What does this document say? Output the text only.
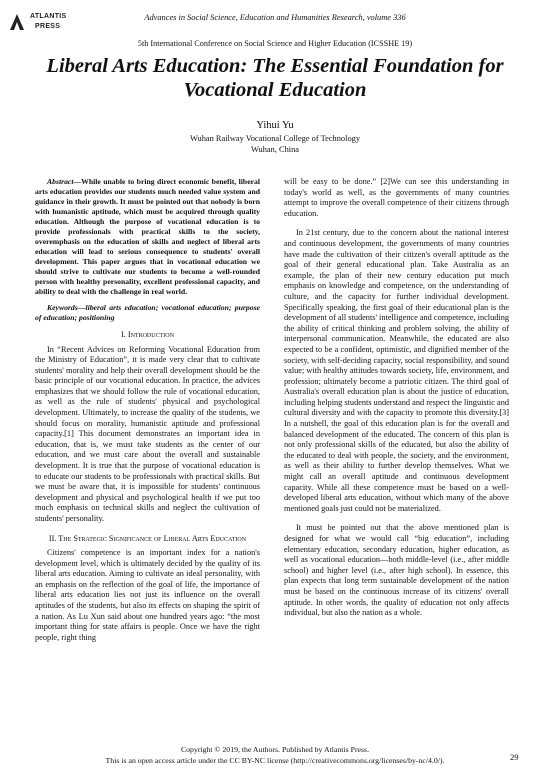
ATLANTIS
PRESS
Advances in Social Science, Education and Humanities Research, volume 336
5th International Conference on Social Science and Higher Education (ICSSHE 19)
Liberal Arts Education: The Essential Foundation for Vocational Education
Yihui Yu
Wuhan Railway Vocational College of Technology
Wuhan, China

Abstract—While unable to bring direct economic benefit, liberal arts education provides our students much needed value system and guidance in their growth. It must be pointed out that nobody is born with humanistic aptitude, which must be acquired through quality education. Although the purpose of vocational education is to provide professionals with practical skills to the society, overemphasis on the education of skills and neglect of liberal arts education will lead to serious consequence to students' overall development. This paper argues that in vocational education we should strive to cultivate our students to become a well-rounded person with healthy personality, excellent professional capacity, and ability to deal with the challenge in real world.

Keywords—liberal arts education; vocational education; purpose of education; positioning

I. Introduction

In “Recent Advices on Reforming Vocational Education from the Ministry of Education”, it is made very clear that to cultivate students' morality and help their overall development should be the basic principle of our vocational education. In practice, the advices emphasizes that we should follow the rule of vocational education, as well as the rule of students' physical and psychological development. Ultimately, to increase the quality of the students, we should focus on morality, humanistic aptitude and professional capacity.[1] This document demonstrates an important idea in education, that is, we must take students as the center of our education, and we must care about the overall and sustainable development. It is true that the purpose of vocational education is to educate our students to be professionals with practical skills. But we must be aware that, it is impossible for students' continuous development and physical and psychological health if we put too much emphasis on technical skills and neglect the cultivation of students' personality.

II. The Strategic Significance of Liberal Arts Education

Citizens' competence is an important index for a nation's development level, which is ultimately decided by the quality of its liberal arts education. Aiming to cultivate an ideal personality, with an emphasis on the reflection of the goal of life, the importance of liberal arts education lies not just its influence on the overall aptitudes of the students, but also its effects on shaping the spirit of a nation. As Lu Xun said about one hundred years ago: “the most important thing for state affairs is people. Once we have the right people, right thing

will be easy to be done.” [2]We can see this understanding in today's world as well, as the governments of many countries attempt to improve the overall competence of their citizens through education.

In 21st century, due to the concern about the national interest and continuous development, the governments of many countries have made the cultivation of their citizen's overall aptitude as the goal of their general educational plan. Take Australia as an example, the plan of their new century education put much emphasis on knowledge and competence, on the understanding of culture, and the capacity for further individual development. Specifically speaking, the first goal of their educational plan is the development of all students' intelligence and competence, including the ability of critical thinking and problem solving, the ability of interpersonal communication. Meanwhile, the educated are also expected to be a confident, optimistic, and dignified member of the society, with self-deciding capacity, social responsibility, and sound value; with healthy attitudes towards society, life, environment, and profession; ultimately become a patriotic citizen. The third goal of Australia's overall education plan is about the justice of education, including helping students understand and respect the linguistic and cultural diversity and with the capacity to promote this diversity.[3] In a nutshell, the goal of this education plan is for the overall and balanced development of the educated. The concern of this plan is not only professional skills of the educated, but also the ability of the educated to deal with people, the society, and the environment, as well as their ability to further develop themselves. What we might call an overall aptitude and continuous development capacity. While all these competence must be based on a well-developed liberal arts education, without which many of the above mentioned goals just could not be materialized.

It must be pointed out that the above mentioned plan is designed for what we would call “big education”, including elementary education, secondary education, higher education, as well as vocational education—both middle-level (i.e., after middle school) and higher level (i.e., after high school). In essence, this plan expects that long term sustainable development of the nation must be based on the continuous increase of its citizens' overall aptitude. In other words, the quality of education not only affects individual, but also the nation as a whole.

Copyright © 2019, the Authors. Published by Atlantis Press.
This is an open access article under the CC BY-NC license (http://creativecommons.org/licenses/by-nc/4.0/).	29
